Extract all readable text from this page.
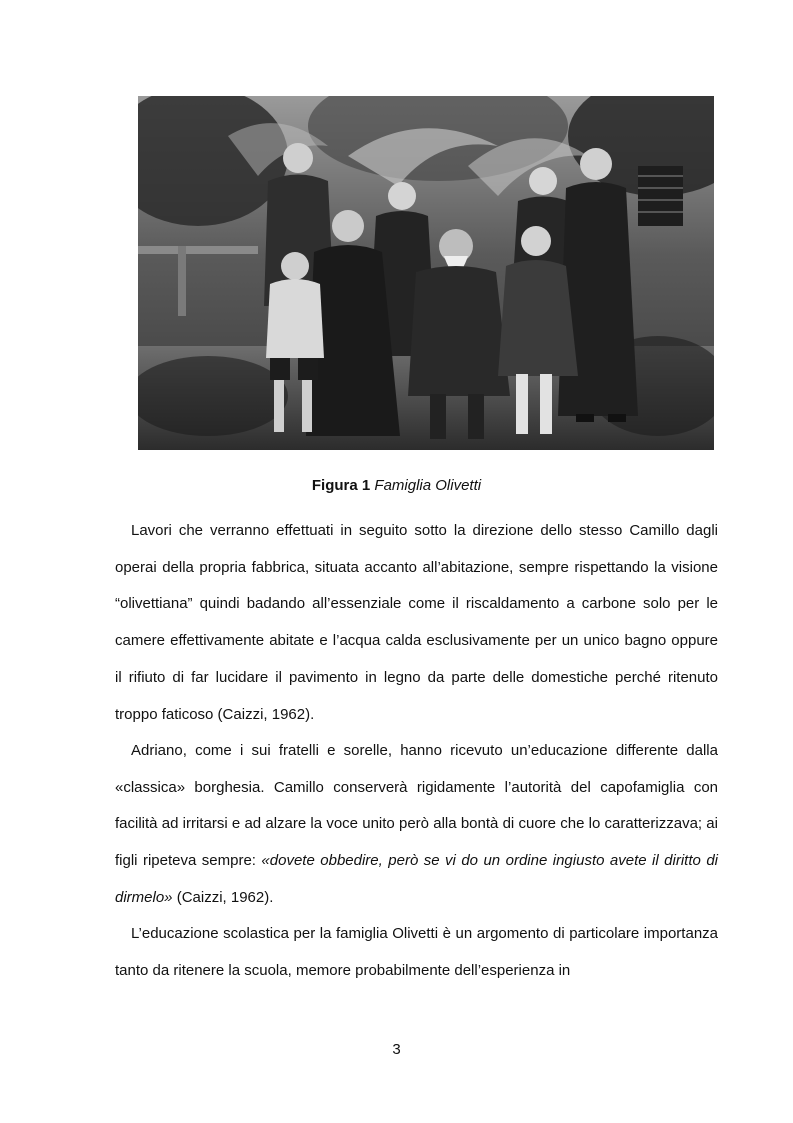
Figura 1 Famiglia Olivetti

Lavori che verranno effettuati in seguito sotto la direzione dello stesso Camillo dagli operai della propria fabbrica, situata accanto all’abitazione, sempre rispettando la visione “olivettiana” quindi badando all’essenziale come il riscaldamento a carbone solo per le camere effettivamente abitate e l’acqua calda esclusivamente per un unico bagno oppure il rifiuto di far lucidare il pavimento in legno da parte delle domestiche perché ritenuto troppo faticoso (Caizzi, 1962).

Adriano, come i sui fratelli e sorelle, hanno ricevuto un’educazione differente dalla «classica» borghesia. Camillo conserverà rigidamente l’autorità del capofamiglia con facilità ad irritarsi e ad alzare la voce unito però alla bontà di cuore che lo caratterizzava; ai figli ripeteva sempre: «dovete obbedire, però se vi do un ordine ingiusto avete il diritto di dirmelo» (Caizzi, 1962).

L’educazione scolastica per la famiglia Olivetti è un argomento di particolare importanza tanto da ritenere la scuola, memore probabilmente dell’esperienza in

3
